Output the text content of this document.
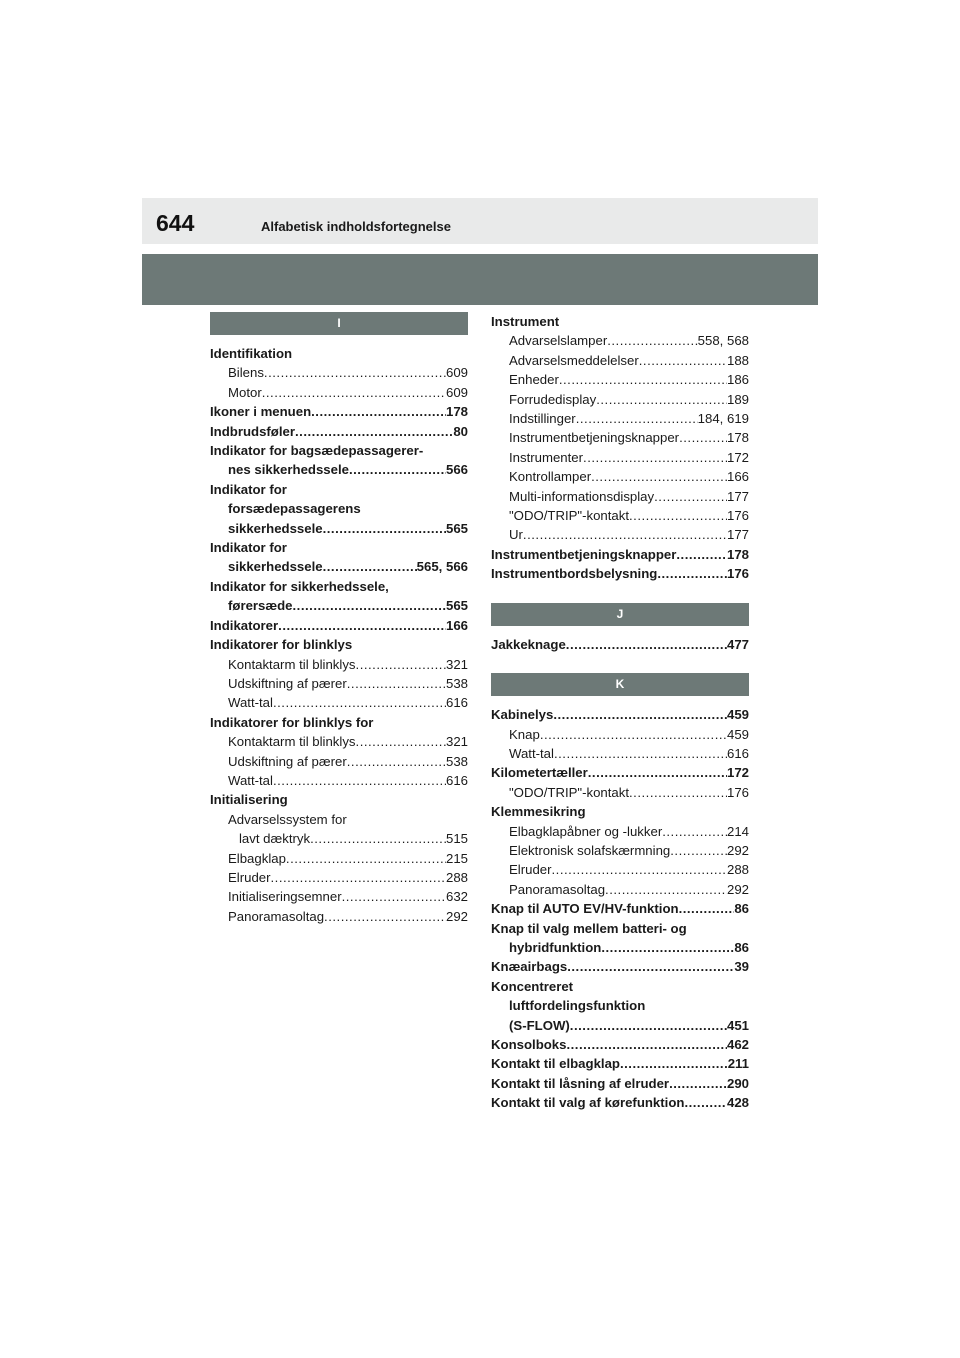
644	Alfabetisk indholdsfortegnelse
I
Identifikation
Bilens .....	609
Motor .....	609
Ikoner i menuen .....	178
Indbrudsføler .....	80
Indikator for bagsædepassagerer-
nes sikkerhedssele .....	566
Indikator for
forsædepassagerens
sikkerhedssele .....	565
Indikator for
sikkerhedssele .....	565, 566
Indikator for sikkerhedssele,
førersæde .....	565
Indikatorer .....	166
Indikatorer for blinklys
Kontaktarm til blinklys .....	321
Udskiftning af pærer .....	538
Watt-tal .....	616
Indikatorer for blinklys for
Kontaktarm til blinklys .....	321
Udskiftning af pærer .....	538
Watt-tal .....	616
Initialisering
Advarselssystem for
lavt dæktryk .....	515
Elbagklap .....	215
Elruder .....	288
Initialiseringsemner .....	632
Panoramasoltag .....	292
Instrument
Advarselslamper .....	558, 568
Advarselsmeddelelser .....	188
Enheder .....	186
Forrudedisplay .....	189
Indstillinger .....	184, 619
Instrumentbetjeningsknapper .....	178
Instrumenter .....	172
Kontrollamper .....	166
Multi-informationsdisplay .....	177
"ODO/TRIP"-kontakt .....	176
Ur .....	177
Instrumentbetjeningsknapper .....	178
Instrumentbordsbelysning .....	176
J
Jakkeknage .....	477
K
Kabinelys .....	459
Knap .....	459
Watt-tal .....	616
Kilometertæller .....	172
"ODO/TRIP"-kontakt .....	176
Klemmesikring
Elbagklapåbner og -lukker .....	214
Elektronisk solafskærmning .....	292
Elruder .....	288
Panoramasoltag .....	292
Knap til AUTO EV/HV-funktion .....	86
Knap til valg mellem batteri- og
hybridfunktion .....	86
Knæairbags .....	39
Koncentreret
luftfordelingsfunktion
(S-FLOW) .....	451
Konsolboks .....	462
Kontakt til elbagklap .....	211
Kontakt til låsning af elruder .....	290
Kontakt til valg af kørefunktion .....	428
